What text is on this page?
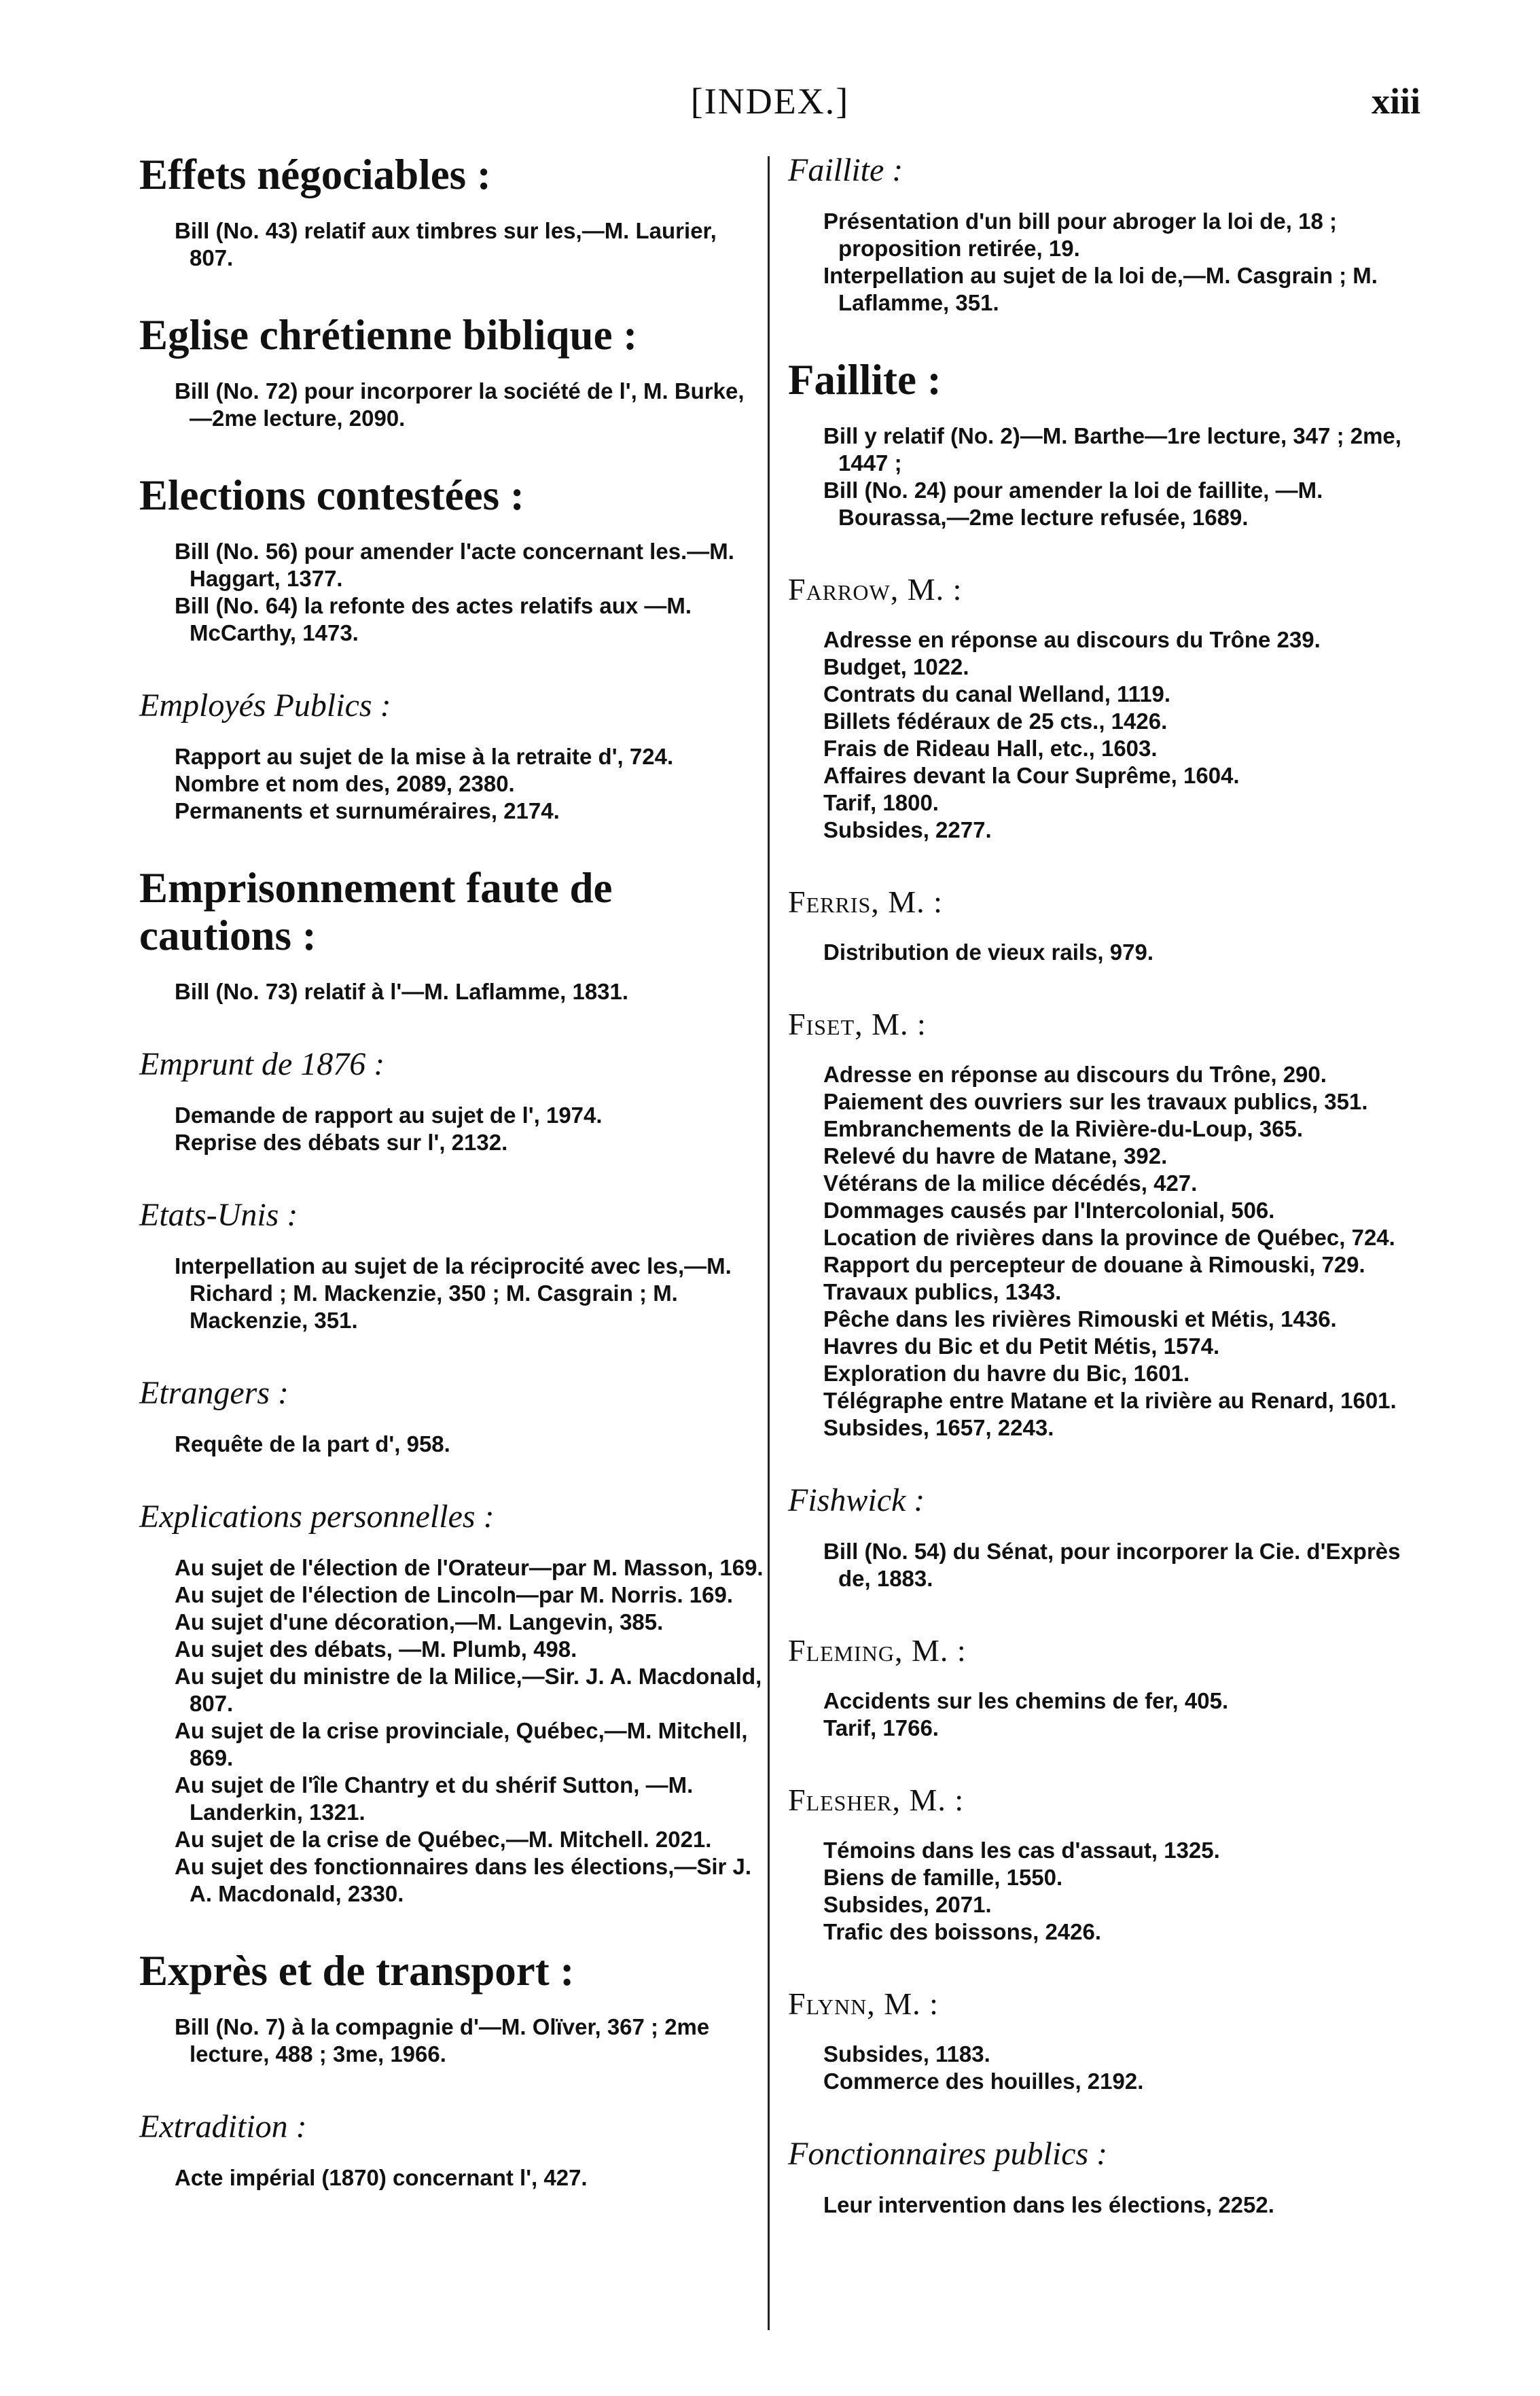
[INDEX.]	xiii
Effets négociables :
Bill (No. 43) relatif aux timbres sur les,—M. Laurier, 807.
Eglise chrétienne biblique :
Bill (No. 72) pour incorporer la société de l', M. Burke,—2me lecture, 2090.
Elections contestées :
Bill (No. 56) pour amender l'acte concernant les.—M. Haggart, 1377.
Bill (No. 64) la refonte des actes relatifs aux —M. McCarthy, 1473.
Employés Publics :
Rapport au sujet de la mise à la retraite d', 724.
Nombre et nom des, 2089, 2380.
Permanents et surnuméraires, 2174.
Emprisonnement faute de cautions :
Bill (No. 73) relatif à l'—M. Laflamme, 1831.
Emprunt de 1876 :
Demande de rapport au sujet de l', 1974.
Reprise des débats sur l', 2132.
Etats-Unis :
Interpellation au sujet de la réciprocité avec les,—M. Richard ; M. Mackenzie, 350 ; M. Casgrain ; M. Mackenzie, 351.
Etrangers :
Requête de la part d', 958.
Explications personnelles :
Au sujet de l'élection de l'Orateur—par M. Masson, 169.
Au sujet de l'élection de Lincoln—par M. Norris. 169.
Au sujet d'une décoration,—M. Langevin, 385.
Au sujet des débats, —M. Plumb, 498.
Au sujet du ministre de la Milice,—Sir. J. A. Macdonald, 807.
Au sujet de la crise provinciale, Québec,—M. Mitchell, 869.
Au sujet de l'île Chantry et du shérif Sutton, —M. Landerkin, 1321.
Au sujet de la crise de Québec,—M. Mitchell. 2021.
Au sujet des fonctionnaires dans les élections,—Sir J. A. Macdonald, 2330.
Exprès et de transport :
Bill (No. 7) à la compagnie d'—M. Olïver, 367 ; 2me lecture, 488 ; 3me, 1966.
Extradition :
Acte impérial (1870) concernant l', 427.
Faillite :
Présentation d'un bill pour abroger la loi de, 18 ; proposition retirée, 19.
Interpellation au sujet de la loi de,—M. Casgrain ; M. Laflamme, 351.
Faillite :
Bill y relatif (No. 2)—M. Barthe—1re lecture, 347 ; 2me, 1447 ;
Bill (No. 24) pour amender la loi de faillite, —M. Bourassa,—2me lecture refusée, 1689.
Farrow, M. :
Adresse en réponse au discours du Trône 239.
Budget, 1022.
Contrats du canal Welland, 1119.
Billets fédéraux de 25 cts., 1426.
Frais de Rideau Hall, etc., 1603.
Affaires devant la Cour Suprême, 1604.
Tarif, 1800.
Subsides, 2277.
Ferris, M. :
Distribution de vieux rails, 979.
Fiset, M. :
Adresse en réponse au discours du Trône, 290.
Paiement des ouvriers sur les travaux publics, 351.
Embranchements de la Rivière-du-Loup, 365.
Relevé du havre de Matane, 392.
Vétérans de la milice décédés, 427.
Dommages causés par l'Intercolonial, 506.
Location de rivières dans la province de Québec, 724.
Rapport du percepteur de douane à Rimouski, 729.
Travaux publics, 1343.
Pêche dans les rivières Rimouski et Métis, 1436.
Havres du Bic et du Petit Métis, 1574.
Exploration du havre du Bic, 1601.
Télégraphe entre Matane et la rivière au Renard, 1601.
Subsides, 1657, 2243.
Fishwick :
Bill (No. 54) du Sénat, pour incorporer la Cie. d'Exprès de, 1883.
Fleming, M. :
Accidents sur les chemins de fer, 405.
Tarif, 1766.
Flesher, M. :
Témoins dans les cas d'assaut, 1325.
Biens de famille, 1550.
Subsides, 2071.
Trafic des boissons, 2426.
Flynn, M. :
Subsides, 1183.
Commerce des houilles, 2192.
Fonctionnaires publics :
Leur intervention dans les élections, 2252.
